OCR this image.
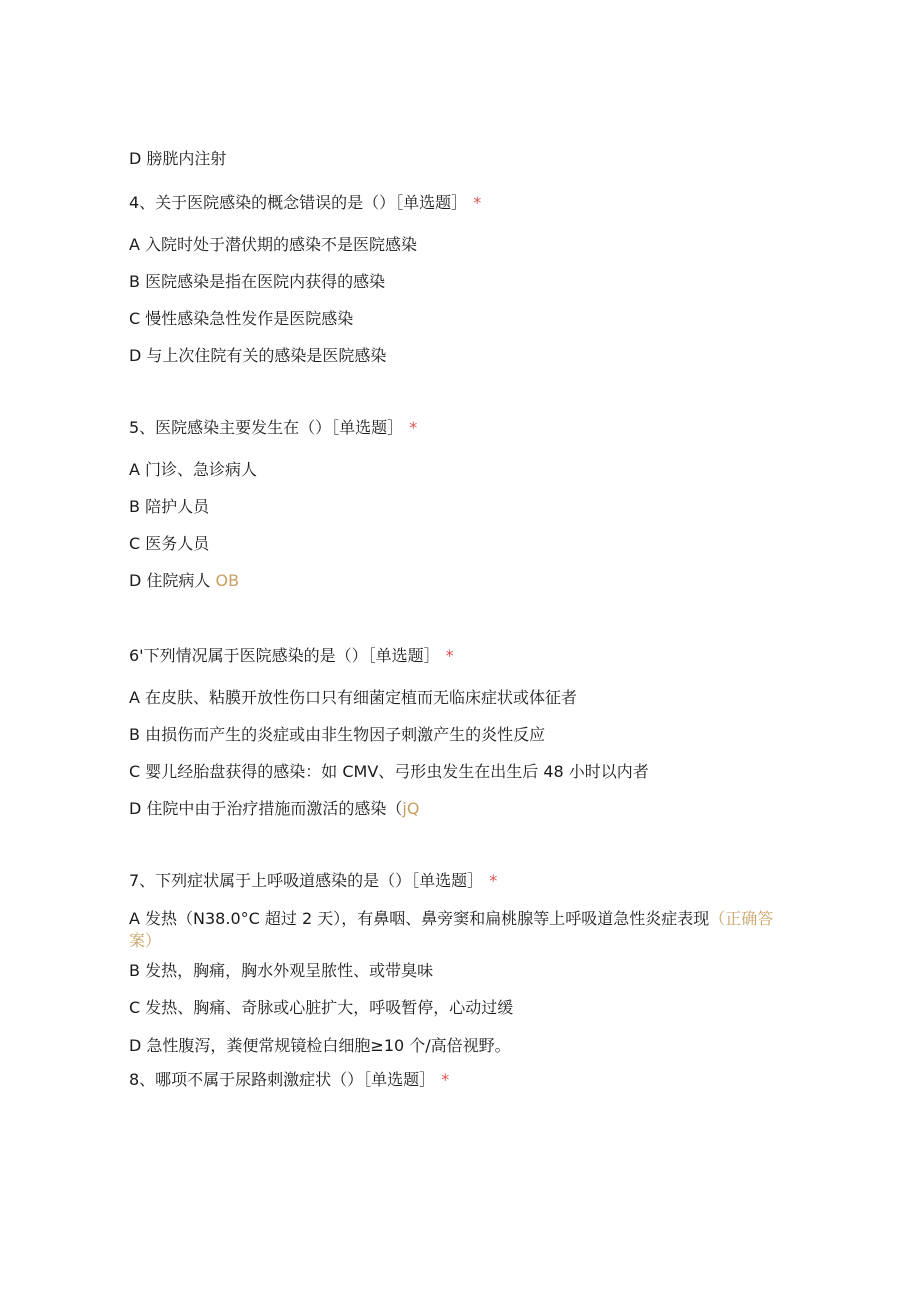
D 膀胱内注射
4、关于医院感染的概念错误的是（）［单选题］ *
A 入院时处于潜伏期的感染不是医院感染
B 医院感染是指在医院内获得的感染
C 慢性感染急性发作是医院感染
D 与上次住院有关的感染是医院感染
5、医院感染主要发生在（）［单选题］ *
A 门诊、急诊病人
B 陪护人员
C 医务人员
D 住院病人 OB
6'下列情况属于医院感染的是（）［单选题］ *
A 在皮肤、粘膜开放性伤口只有细菌定植而无临床症状或体征者
B 由损伤而产生的炎症或由非生物因子刺激产生的炎性反应
C 婴儿经胎盘获得的感染：如 CMV、弓形虫发生在出生后 48 小时以内者
D 住院中由于治疗措施而激活的感染（jQ
7、下列症状属于上呼吸道感染的是（）［单选题］ *
A 发热（N38.0°C 超过 2 天），有鼻咽、鼻旁窦和扁桃腺等上呼吸道急性炎症表现（正确答案）
B 发热，胸痛，胸水外观呈脓性、或带臭味
C 发热、胸痛、奇脉或心脏扩大，呼吸暂停，心动过缓
D 急性腹泻，粪便常规镜检白细胞≥10 个/高倍视野。
8、哪项不属于尿路刺激症状（）［单选题］ *
